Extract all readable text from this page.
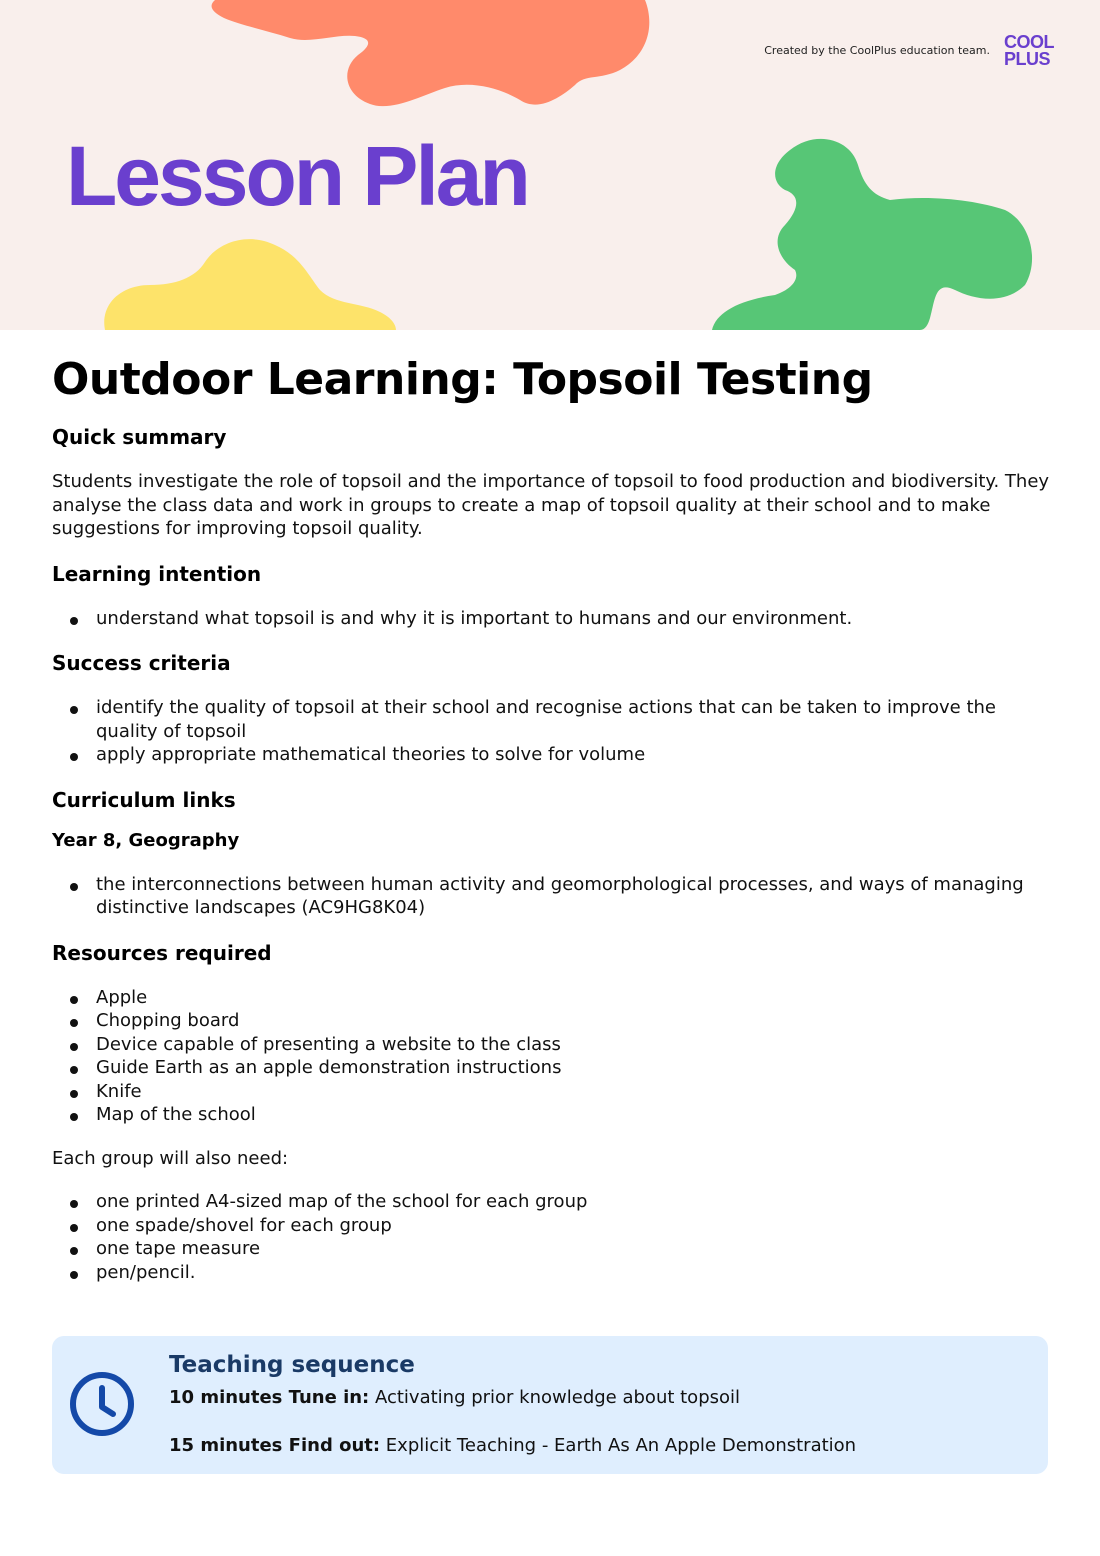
Lesson Plan
Created by the CoolPlus education team. COOL
PLUS
Outdoor Learning: Topsoil Testing
Quick summary

Students investigate the role of topsoil and the importance of topsoil to food production and biodiversity. They analyse the class data and work in groups to create a map of topsoil quality at their school and to make suggestions for improving topsoil quality.

Learning intention
understand what topsoil is and why it is important to humans and our environment.
Success criteria
identify the quality of topsoil at their school and recognise actions that can be taken to improve the quality of topsoil
apply appropriate mathematical theories to solve for volume
Curriculum links
Year 8, Geography
the interconnections between human activity and geomorphological processes, and ways of managing distinctive landscapes (AC9HG8K04)
Resources required
Apple
Chopping board
Device capable of presenting a website to the class
Guide Earth as an apple demonstration instructions
Knife
Map of the school

Each group will also need:

one printed A4-sized map of the school for each group
one spade/shovel for each group
one tape measure
pen/pencil.
Teaching sequence
10 minutes Tune in: Activating prior knowledge about topsoil
15 minutes Find out: Explicit Teaching - Earth As An Apple Demonstration
